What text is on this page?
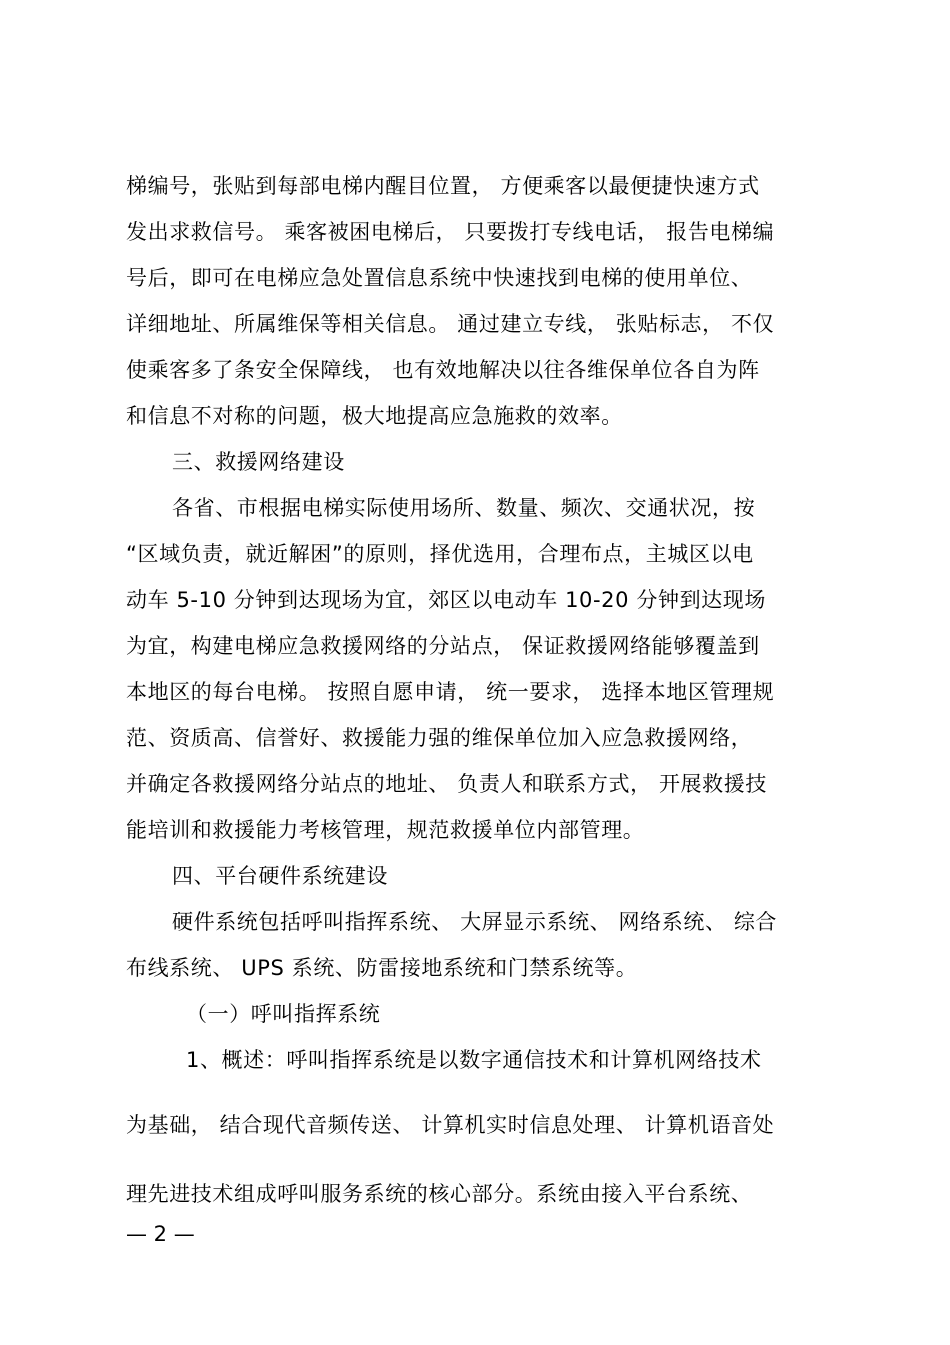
梯编号，张贴到每部电梯内醒目位置， 方便乘客以最便捷快速方式
发出求救信号。 乘客被困电梯后， 只要拨打专线电话， 报告电梯编
号后，即可在电梯应急处置信息系统中快速找到电梯的使用单位、
详细地址、所属维保等相关信息。 通过建立专线， 张贴标志， 不仅
使乘客多了条安全保障线， 也有效地解决以往各维保单位各自为阵
和信息不对称的问题，极大地提高应急施救的效率。
三、救援网络建设
各省、市根据电梯实际使用场所、数量、频次、交通状况，按
“区域负责，就近解困”的原则，择优选用，合理布点，主城区以电
动车 5-10 分钟到达现场为宜，郊区以电动车 10-20 分钟到达现场
为宜，构建电梯应急救援网络的分站点， 保证救援网络能够覆盖到
本地区的每台电梯。 按照自愿申请， 统一要求， 选择本地区管理规
范、资质高、信誉好、救援能力强的维保单位加入应急救援网络，
并确定各救援网络分站点的地址、 负责人和联系方式， 开展救援技
能培训和救援能力考核管理，规范救援单位内部管理。
四、平台硬件系统建设
硬件系统包括呼叫指挥系统、 大屏显示系统、 网络系统、 综合
布线系统、 UPS 系统、防雷接地系统和门禁系统等。
（一）呼叫指挥系统
1、概述：呼叫指挥系统是以数字通信技术和计算机网络技术
为基础， 结合现代音频传送、 计算机实时信息处理、 计算机语音处
理先进技术组成呼叫服务系统的核心部分。系统由接入平台系统、
— 2 —
